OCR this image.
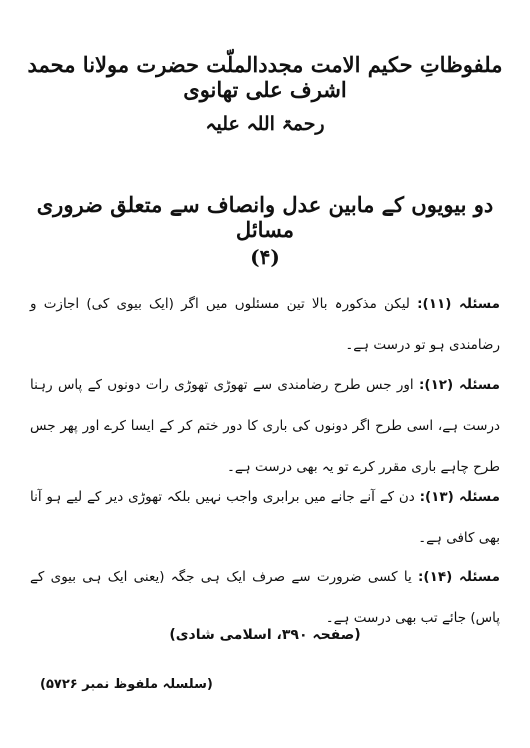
ملفوظاتِ حکیم الامت مجددالملّت حضرت مولانا محمد اشرف علی تھانوی
رحمۃ اللہ علیہ
دو بیویوں کے مابین عدل وانصاف سے متعلق ضروری مسائل
(۴)
مسئلہ (۱۱): لیکن مذکورہ بالا تین مسئلوں میں اگر (ایک بیوی کی) اجازت و رضامندی ہو تو درست ہے۔
مسئلہ (۱۲): اور جس طرح رضامندی سے تھوڑی تھوڑی رات دونوں کے پاس رہنا درست ہے، اسی طرح اگر دونوں کی باری کا دور ختم کر کے ایسا کرے اور پھر جس طرح چاہے باری مقرر کرے تو یہ بھی درست ہے۔
مسئلہ (۱۳): دن کے آنے جانے میں برابری واجب نہیں بلکہ تھوڑی دیر کے لیے ہو آنا بھی کافی ہے۔
مسئلہ (۱۴): یا کسی ضرورت سے صرف ایک ہی جگہ (یعنی ایک ہی بیوی کے پاس) جائے تب بھی درست ہے۔
(صفحہ ۳۹۰، اسلامی شادی)
(سلسلہ ملفوظ نمبر ۵۷۲۶)
